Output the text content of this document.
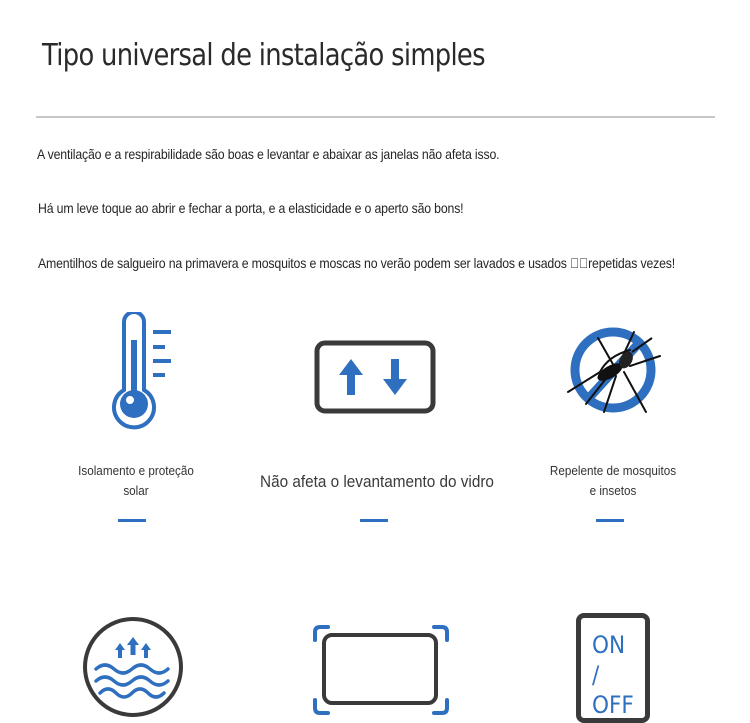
Tipo universal de instalação simples
A ventilação e a respirabilidade são boas e levantar e abaixar as janelas não afeta isso.
Há um leve toque ao abrir e fechar a porta, e a elasticidade e o aperto são bons!
Amentilhos de salgueiro na primavera e mosquitos e moscas no verão podem ser lavados e usados ￿￿repetidas vezes!
Isolamento e proteção solar	Não afeta o levantamento do vidro
Repelente de mosquitos e insetos
ON
/
OFF
